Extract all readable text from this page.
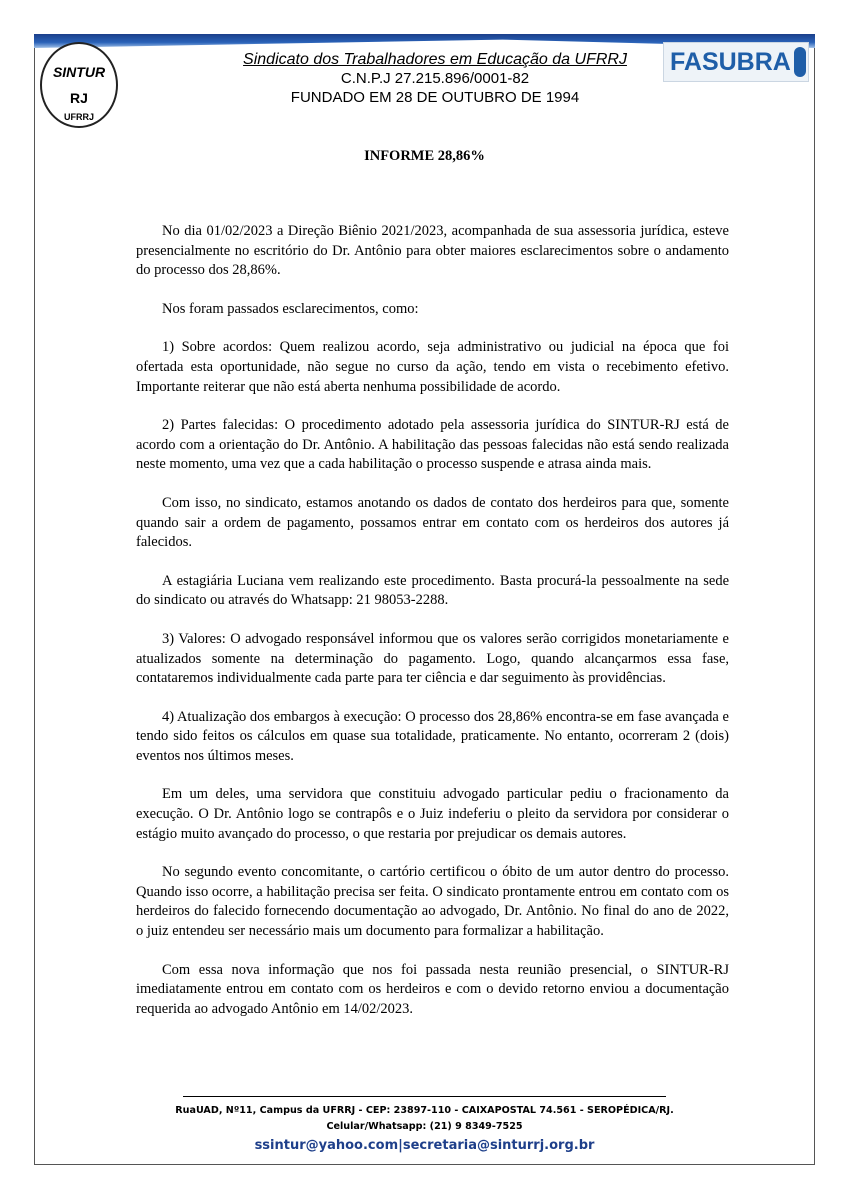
SINTUR
RJ
UFRRJ
Sindicato dos Trabalhadores em Educação da UFRRJ
C.N.P.J 27.215.896/0001-82
FUNDADO EM 28 DE OUTUBRO DE 1994
FASUBRA
INFORME 28,86%

No dia 01/02/2023 a Direção Biênio 2021/2023, acompanhada de sua assessoria jurídica, esteve presencialmente no escritório do Dr. Antônio para obter maiores esclarecimentos sobre o andamento do processo dos 28,86%.

Nos foram passados esclarecimentos, como:

1) Sobre acordos: Quem realizou acordo, seja administrativo ou judicial na época que foi ofertada esta oportunidade, não segue no curso da ação, tendo em vista o recebimento efetivo. Importante reiterar que não está aberta nenhuma possibilidade de acordo.

2) Partes falecidas: O procedimento adotado pela assessoria jurídica do SINTUR-RJ está de acordo com a orientação do Dr. Antônio. A habilitação das pessoas falecidas não está sendo realizada neste momento, uma vez que a cada habilitação o processo suspende e atrasa ainda mais.

Com isso, no sindicato, estamos anotando os dados de contato dos herdeiros para que, somente quando sair a ordem de pagamento, possamos entrar em contato com os herdeiros dos autores já falecidos.

A estagiária Luciana vem realizando este procedimento. Basta procurá-la pessoalmente na sede do sindicato ou através do Whatsapp: 21 98053-2288.

3) Valores: O advogado responsável informou que os valores serão corrigidos monetariamente e atualizados somente na determinação do pagamento. Logo, quando alcançarmos essa fase, contataremos individualmente cada parte para ter ciência e dar seguimento às providências.

4) Atualização dos embargos à execução: O processo dos 28,86% encontra-se em fase avançada e tendo sido feitos os cálculos em quase sua totalidade, praticamente. No entanto, ocorreram 2 (dois) eventos nos últimos meses.

Em um deles, uma servidora que constituiu advogado particular pediu o fracionamento da execução. O Dr. Antônio logo se contrapôs e o Juiz indeferiu o pleito da servidora por considerar o estágio muito avançado do processo, o que restaria por prejudicar os demais autores.

No segundo evento concomitante, o cartório certificou o óbito de um autor dentro do processo. Quando isso ocorre, a habilitação precisa ser feita. O sindicato prontamente entrou em contato com os herdeiros do falecido fornecendo documentação ao advogado, Dr. Antônio. No final do ano de 2022, o juiz entendeu ser necessário mais um documento para formalizar a habilitação.

Com essa nova informação que nos foi passada nesta reunião presencial, o SINTUR-RJ imediatamente entrou em contato com os herdeiros e com o devido retorno enviou a documentação requerida ao advogado Antônio em 14/02/2023.

RuaUAD, Nº11, Campus da UFRRJ - CEP: 23897-110 - CAIXAPOSTAL 74.561 - SEROPÉDICA/RJ.
Celular/Whatsapp: (21) 9 8349-7525
ssintur@yahoo.com|secretaria@sinturrj.org.br
